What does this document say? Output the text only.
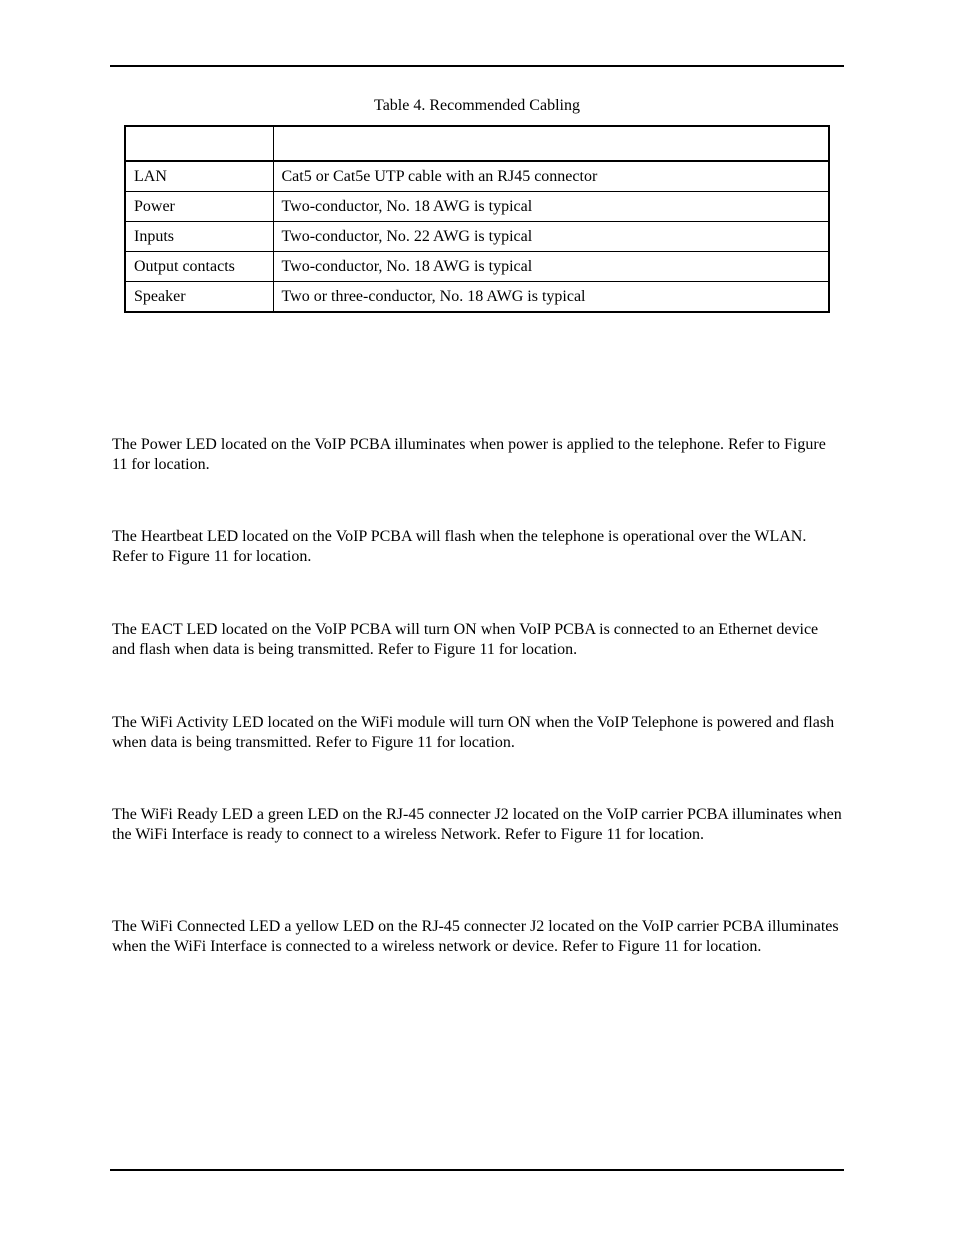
Table 4. Recommended Cabling

LAN	Cat5 or Cat5e UTP cable with an RJ45 connector
Power	Two-conductor, No. 18 AWG is typical
Inputs	Two-conductor, No. 22 AWG is typical
Output contacts	Two-conductor, No. 18 AWG is typical
Speaker	Two or three-conductor, No. 18 AWG is typical

The Power LED located on the VoIP PCBA illuminates when power is applied to the telephone. Refer to Figure 11 for location.

The Heartbeat LED located on the VoIP PCBA will flash when the telephone is operational over the WLAN. Refer to Figure 11 for location.

The EACT LED located on the VoIP PCBA will turn ON when VoIP PCBA is connected to an Ethernet device and flash when data is being transmitted. Refer to Figure 11 for location.

The WiFi Activity LED located on the WiFi module will turn ON when the VoIP Telephone is powered and flash when data is being transmitted. Refer to Figure 11 for location.

The WiFi Ready LED a green LED on the RJ-45 connecter J2 located on the VoIP carrier PCBA illuminates when the WiFi Interface is ready to connect to a wireless Network. Refer to Figure 11 for location.

The WiFi Connected LED a yellow LED on the RJ-45 connecter J2 located on the VoIP carrier PCBA illuminates when the WiFi Interface is connected to a wireless network or device. Refer to Figure 11 for location.
